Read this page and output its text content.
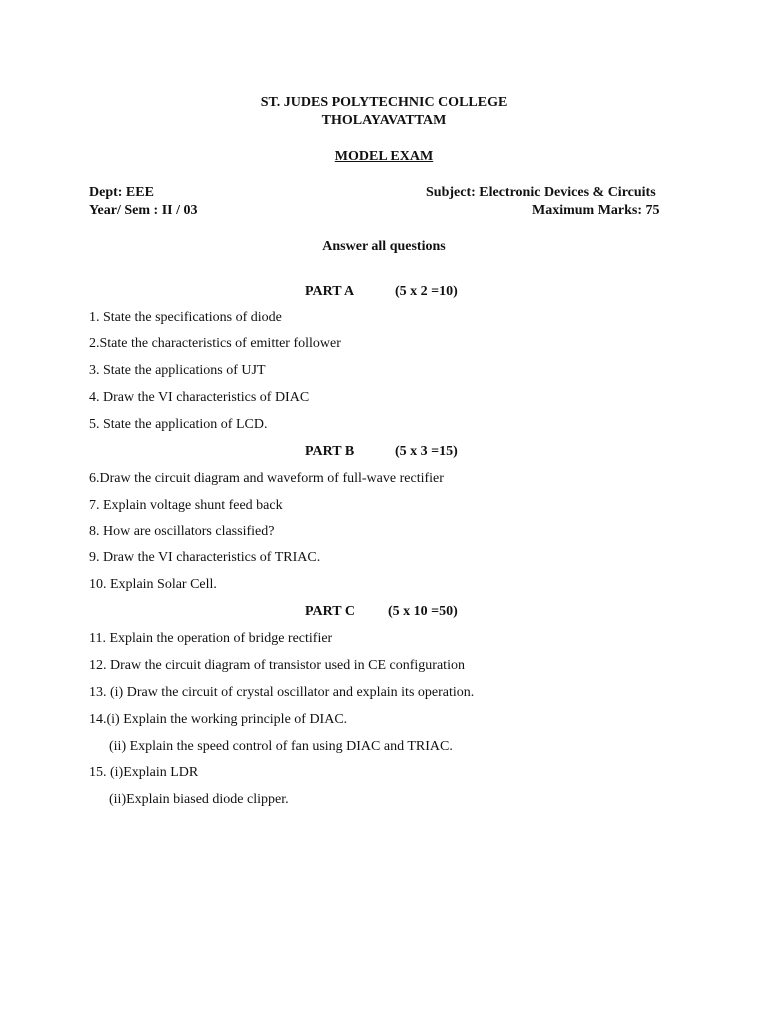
ST. JUDES POLYTECHNIC COLLEGE
THOLAYAVATTAM
MODEL EXAM
Dept: EEE	Subject: Electronic Devices & Circuits
Year/ Sem : II / 03	Maximum Marks: 75
Answer all questions
PART A	(5 x 2 =10)
1. State the specifications of diode
2.State the characteristics of emitter follower
3. State the applications of UJT
4. Draw the VI characteristics of DIAC
5. State the application of LCD.
PART B	(5 x 3 =15)
6.Draw the circuit diagram and waveform of full-wave rectifier
7. Explain voltage shunt feed back
8. How are oscillators classified?
9. Draw the VI characteristics of TRIAC.
10. Explain Solar Cell.
PART C (5 x 10 =50)
11. Explain the operation of bridge rectifier
12. Draw the circuit diagram of transistor used in CE configuration
13. (i) Draw the circuit of crystal oscillator and explain its operation.
14.(i) Explain the working principle of DIAC.
(ii) Explain the speed control of fan using DIAC and TRIAC.
15. (i)Explain LDR
(ii)Explain biased diode clipper.
